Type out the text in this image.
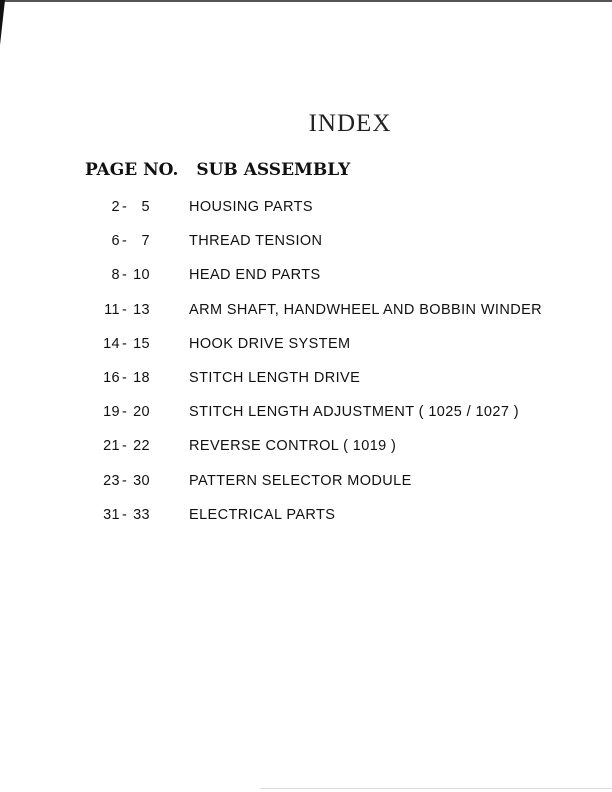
INDEX
PAGE NO. SUB ASSEMBLY
2 - 5	HOUSING PARTS
6 - 7	THREAD TENSION
8 - 10	HEAD END PARTS
11 - 13	ARM SHAFT, HANDWHEEL AND BOBBIN WINDER
14 - 15	HOOK DRIVE SYSTEM
16 - 18	STITCH LENGTH DRIVE
19 - 20	STITCH LENGTH ADJUSTMENT ( 1025 / 1027 )
21 - 22	REVERSE CONTROL ( 1019 )
23 - 30	PATTERN SELECTOR MODULE
31 - 33	ELECTRICAL PARTS
